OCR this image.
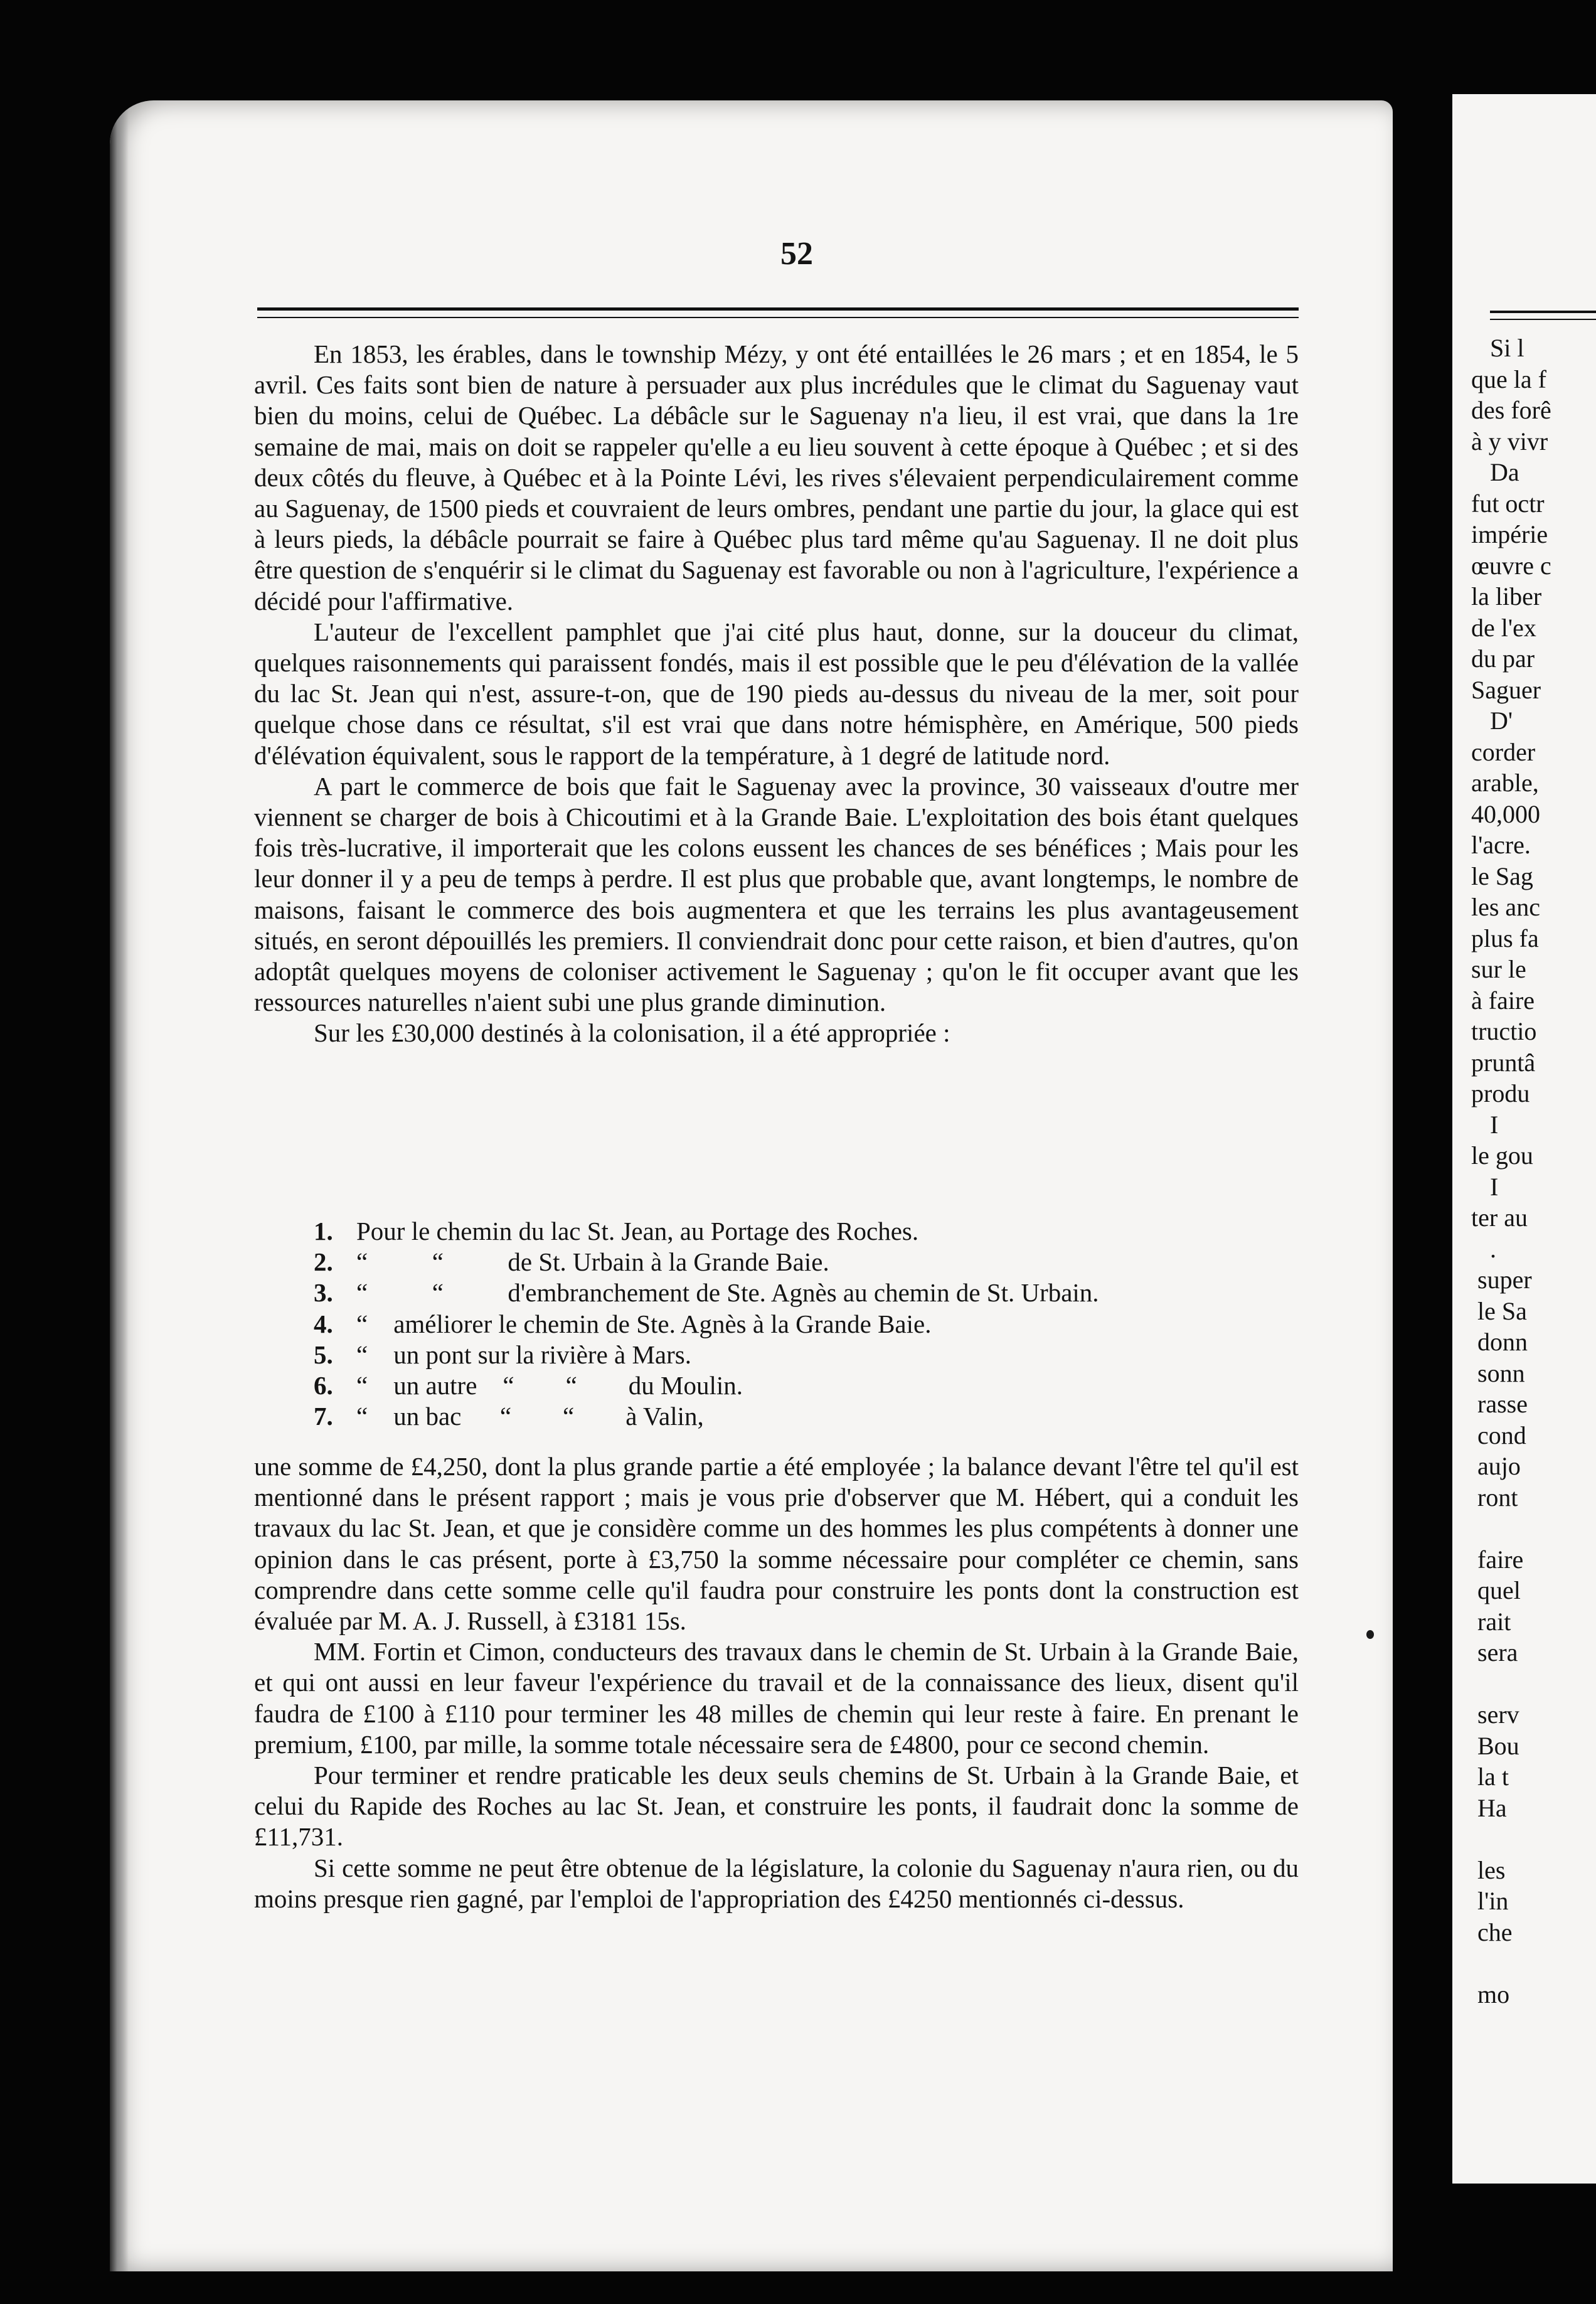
52

En 1853, les érables, dans le township Mézy, y ont été entaillées le 26 mars ; et en 1854, le 5 avril. Ces faits sont bien de nature à persuader aux plus incrédules que le climat du Saguenay vaut bien du moins, celui de Québec. La débâcle sur le Saguenay n'a lieu, il est vrai, que dans la 1re semaine de mai, mais on doit se rappeler qu'elle a eu lieu souvent à cette époque à Québec ; et si des deux côtés du fleuve, à Québec et à la Pointe Lévi, les rives s'élevaient perpendiculairement comme au Saguenay, de 1500 pieds et couvraient de leurs ombres, pendant une partie du jour, la glace qui est à leurs pieds, la débâcle pourrait se faire à Québec plus tard même qu'au Saguenay. Il ne doit plus être question de s'enquérir si le climat du Saguenay est favorable ou non à l'agriculture, l'expérience a décidé pour l'affirmative.

L'auteur de l'excellent pamphlet que j'ai cité plus haut, donne, sur la douceur du climat, quelques raisonnements qui paraissent fondés, mais il est possible que le peu d'élévation de la vallée du lac St. Jean qui n'est, assure-t-on, que de 190 pieds au-dessus du niveau de la mer, soit pour quelque chose dans ce résultat, s'il est vrai que dans notre hémisphère, en Amérique, 500 pieds d'élévation équivalent, sous le rapport de la température, à 1 degré de latitude nord.

A part le commerce de bois que fait le Saguenay avec la province, 30 vaisseaux d'outre mer viennent se charger de bois à Chicoutimi et à la Grande Baie. L'exploitation des bois étant quelques fois très-lucrative, il importerait que les colons eussent les chances de ses bénéfices ; Mais pour les leur donner il y a peu de temps à perdre. Il est plus que probable que, avant longtemps, le nombre de maisons, faisant le commerce des bois augmentera et que les terrains les plus avantageusement situés, en seront dépouillés les premiers. Il conviendrait donc pour cette raison, et bien d'autres, qu'on adoptât quelques moyens de coloniser activement le Saguenay ; qu'on le fit occuper avant que les ressources naturelles n'aient subi une plus grande diminution.

Sur les £30,000 destinés à la colonisation, il a été appropriée :

1. Pour le chemin du lac St. Jean, au Portage des Roches.
2. “          “          de St. Urbain à la Grande Baie.
3. “          “          d'embranchement de Ste. Agnès au chemin de St. Urbain.
4. “    améliorer le chemin de Ste. Agnès à la Grande Baie.
5. “    un pont sur la rivière à Mars.
6. “    un autre    “        “        du Moulin.
7. “    un bac      “        “        à Valin,

une somme de £4,250, dont la plus grande partie a été employée ; la balance devant l'être tel qu'il est mentionné dans le présent rapport ; mais je vous prie d'observer que M. Hébert, qui a conduit les travaux du lac St. Jean, et que je considère comme un des hommes les plus compétents à donner une opinion dans le cas présent, porte à £3,750 la somme nécessaire pour compléter ce chemin, sans comprendre dans cette somme celle qu'il faudra pour construire les ponts dont la construction est évaluée par M. A. J. Russell, à £3181 15s.

MM. Fortin et Cimon, conducteurs des travaux dans le chemin de St. Urbain à la Grande Baie, et qui ont aussi en leur faveur l'expérience du travail et de la connaissance des lieux, disent qu'il faudra de £100 à £110 pour terminer les 48 milles de chemin qui leur reste à faire. En prenant le premium, £100, par mille, la somme totale nécessaire sera de £4800, pour ce second chemin.

Pour terminer et rendre praticable les deux seuls chemins de St. Urbain à la Grande Baie, et celui du Rapide des Roches au lac St. Jean, et construire les ponts, il faudrait donc la somme de £11,731.

Si cette somme ne peut être obtenue de la législature, la colonie du Saguenay n'aura rien, ou du moins presque rien gagné, par l'emploi de l'appropriation des £4250 mentionnés ci-dessus.

Si l
que la f
des forê
à y vivr
Da
fut octr
impérie
œuvre c
la liber
de l'ex
du par
Saguer
D'
corder
arable,
40,000
l'acre.
le Sag
les anc
plus fa
sur le
à faire
tructio
pruntâ
produ
I
le gou
I
ter au
.
super
le Sa
donn
sonn
rasse
cond
aujo
ront
faire
quel
rait
sera
serv
Bou
la t
Ha
les
l'in
che
mo
